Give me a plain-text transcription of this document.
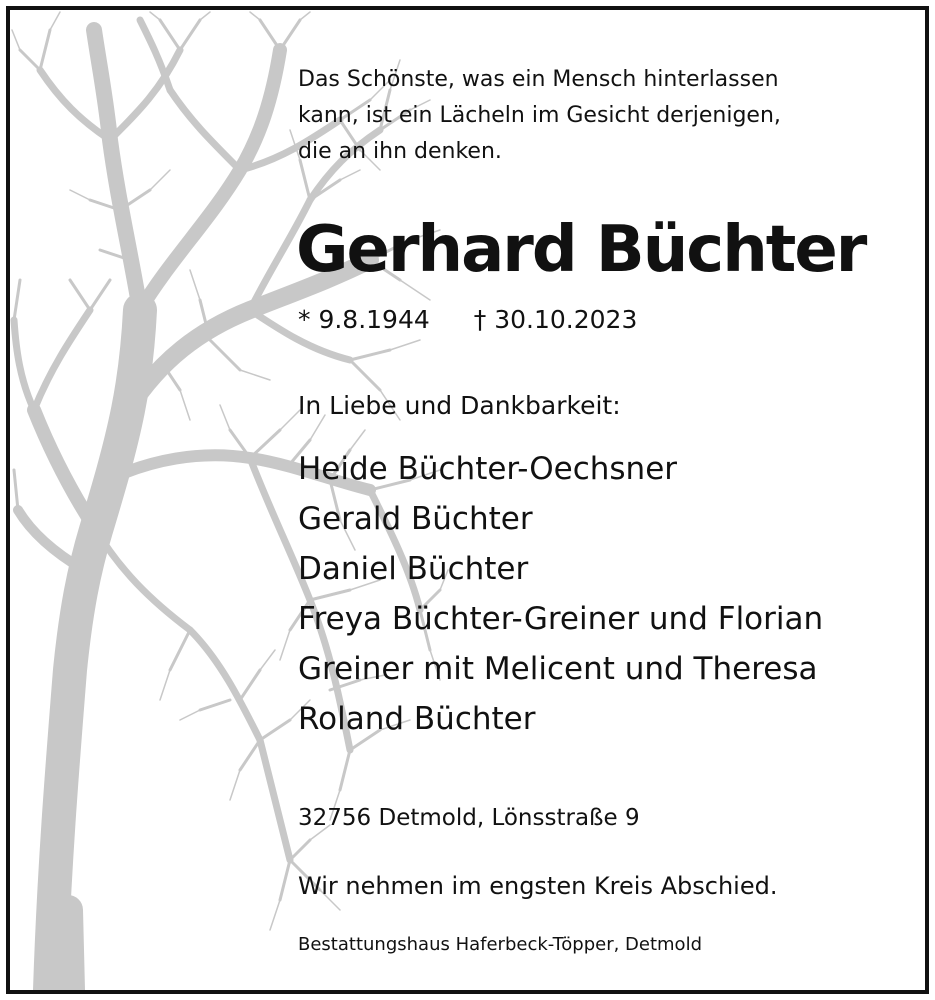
Das Schönste, was ein Mensch hinterlassen
kann, ist ein Lächeln im Gesicht derjenigen,
die an ihn denken.
Gerhard Büchter
* 9.8.1944 † 30.10.2023
In Liebe und Dankbarkeit:
Heide Büchter-Oechsner
Gerald Büchter
Daniel Büchter
Freya Büchter-Greiner und Florian
Greiner mit Melicent und Theresa
Roland Büchter
32756 Detmold, Lönsstraße 9
Wir nehmen im engsten Kreis Abschied.
Bestattungshaus Haferbeck-Töpper, Detmold
